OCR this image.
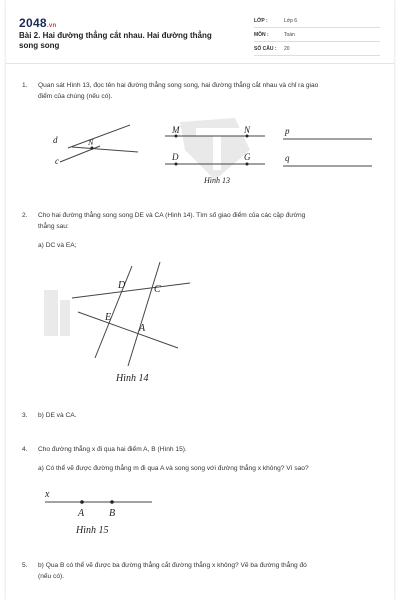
2048.vn
Bài 2. Hai đường thẳng cắt nhau. Hai đường thẳng song song
LỚP :	Lớp 6
MÔN :	Toán
SỐ CÂU : 20
1. Quan sát Hình 13, đọc tên hai đường thẳng song song, hai đường thẳng cắt nhau và chỉ ra giao
điểm của chúng (nếu có).
d
c
N
M	N
D	G
p
q
Hình 13
2. Cho hai đường thẳng song song DE và CA (Hình 14). Tìm số giao điểm của các cặp đường
thẳng sau:
a) DC và EA;
D	C
E
A
Hình 14
3. b) DE và CA.
4. Cho đường thẳng x đi qua hai điểm A, B (Hình 15).
a) Có thể vẽ được đường thẳng m đi qua A và song song với đường thẳng x không? Vì sao?
x
A B
Hình 15
5. b) Qua B có thể vẽ được ba đường thẳng cắt đường thẳng x không? Vẽ ba đường thẳng đó
(nếu có).
